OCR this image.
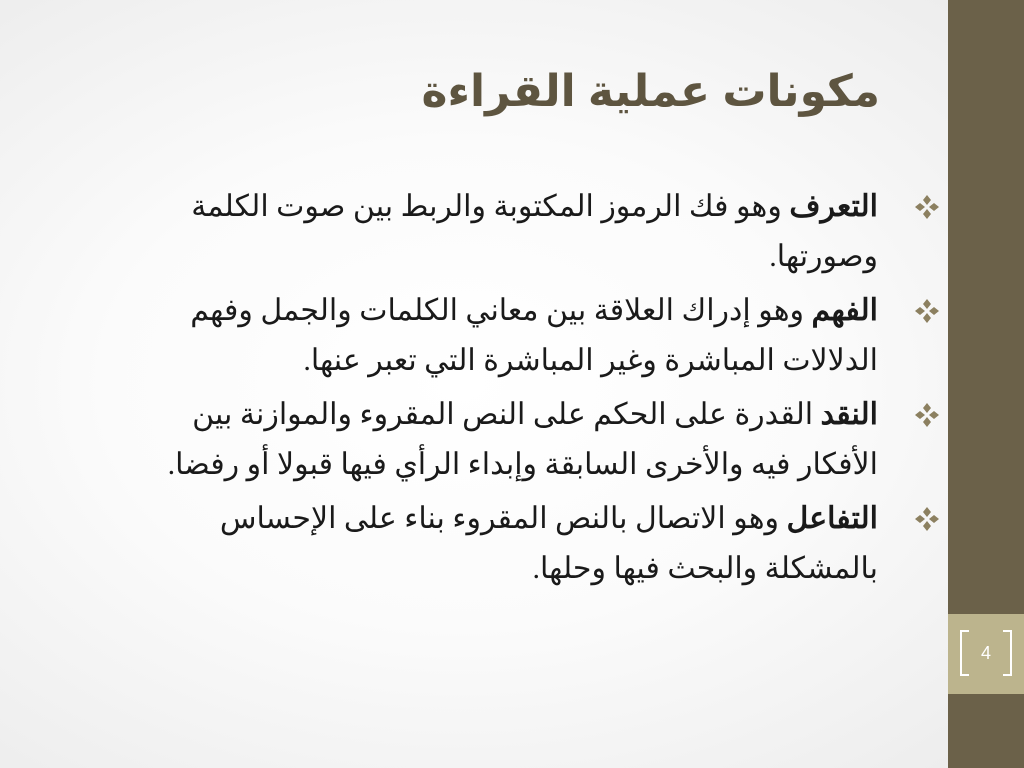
4
مكونات عملية القراءة
التعرف وهو فك الرموز المكتوبة والربط بين صوت الكلمة وصورتها.
الفهم وهو إدراك العلاقة بين معاني الكلمات والجمل وفهم الدلالات المباشرة وغير المباشرة التي تعبر عنها.
النقد القدرة على الحكم على النص المقروء والموازنة بين الأفكار فيه والأخرى السابقة وإبداء الرأي فيها قبولا أو رفضا.
التفاعل وهو الاتصال بالنص المقروء بناء على الإحساس بالمشكلة والبحث فيها وحلها.
